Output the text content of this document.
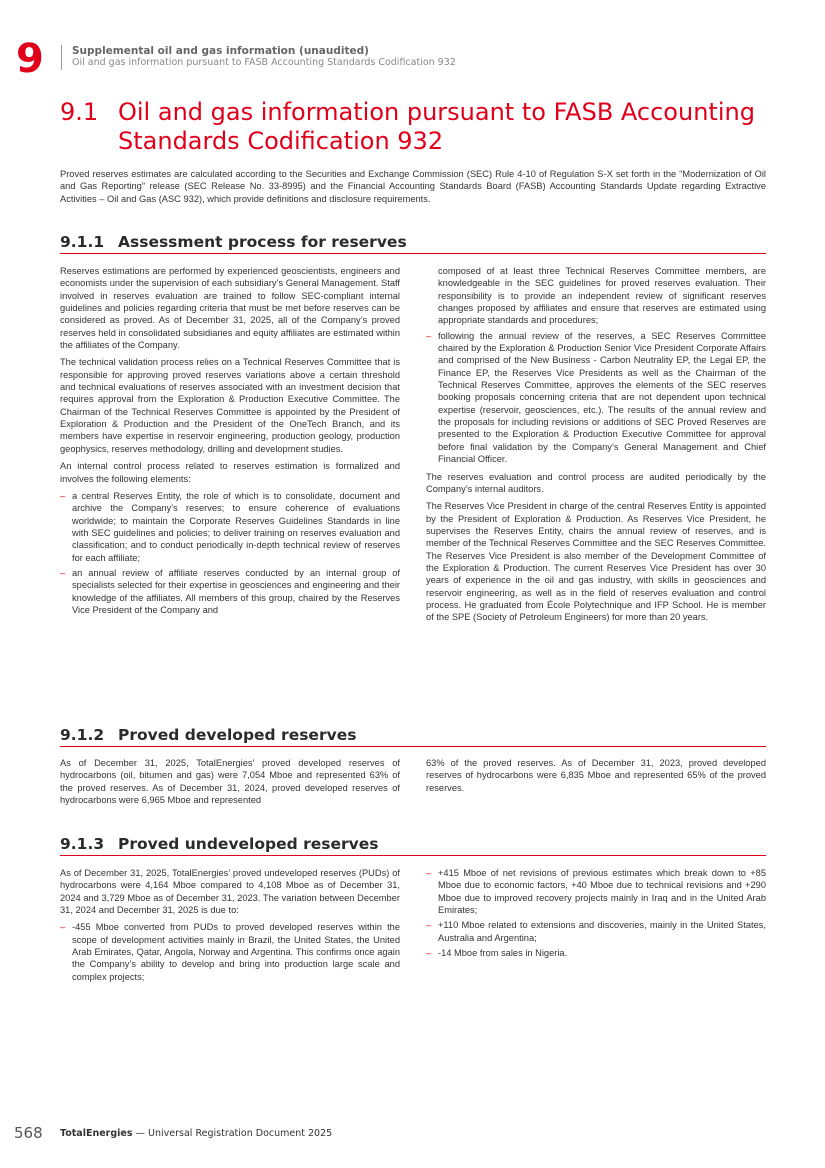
9	Supplemental oil and gas information (unaudited)
Oil and gas information pursuant to FASB Accounting Standards Codification 932
9.1 Oil and gas information pursuant to FASB Accounting Standards Codification 932

Proved reserves estimates are calculated according to the Securities and Exchange Commission (SEC) Rule 4-10 of Regulation S-X set forth in the “Modernization of Oil and Gas Reporting” release (SEC Release No. 33-8995) and the Financial Accounting Standards Board (FASB) Accounting Standards Update regarding Extractive Activities – Oil and Gas (ASC 932), which provide definitions and disclosure requirements.

9.1.1 Assessment process for reserves

Reserves estimations are performed by experienced geoscientists, engineers and economists under the supervision of each subsidiary’s General Management. Staff involved in reserves evaluation are trained to follow SEC-compliant internal guidelines and policies regarding criteria that must be met before reserves can be considered as proved. As of December 31, 2025, all of the Company’s proved reserves held in consolidated subsidiaries and equity affiliates are estimated within the affiliates of the Company.

The technical validation process relies on a Technical Reserves Committee that is responsible for approving proved reserves variations above a certain threshold and technical evaluations of reserves associated with an investment decision that requires approval from the Exploration & Production Executive Committee. The Chairman of the Technical Reserves Committee is appointed by the President of Exploration & Production and the President of the OneTech Branch, and its members have expertise in reservoir engineering, production geology, production geophysics, reserves methodology, drilling and development studies.

An internal control process related to reserves estimation is formalized and involves the following elements:

– a central Reserves Entity, the role of which is to consolidate, document and archive the Company’s reserves; to ensure coherence of evaluations worldwide; to maintain the Corporate Reserves Guidelines Standards in line with SEC guidelines and policies; to deliver training on reserves evaluation and classification; and to conduct periodically in-depth technical review of reserves for each affiliate;
– an annual review of affiliate reserves conducted by an internal group of specialists selected for their expertise in geosciences and engineering and their knowledge of the affiliates. All members of this group, chaired by the Reserves Vice President of the Company and
composed of at least three Technical Reserves Committee members, are knowledgeable in the SEC guidelines for proved reserves evaluation. Their responsibility is to provide an independent review of significant reserves changes proposed by affiliates and ensure that reserves are estimated using appropriate standards and procedures;
– following the annual review of the reserves, a SEC Reserves Committee chaired by the Exploration & Production Senior Vice President Corporate Affairs and comprised of the New Business - Carbon Neutrality EP, the Legal EP, the Finance EP, the Reserves Vice Presidents as well as the Chairman of the Technical Reserves Committee, approves the elements of the SEC reserves booking proposals concerning criteria that are not dependent upon technical expertise (reservoir, geosciences, etc.). The results of the annual review and the proposals for including revisions or additions of SEC Proved Reserves are presented to the Exploration & Production Executive Committee for approval before final validation by the Company’s General Management and Chief Financial Officer.

The reserves evaluation and control process are audited periodically by the Company’s internal auditors.

The Reserves Vice President in charge of the central Reserves Entity is appointed by the President of Exploration & Production. As Reserves Vice President, he supervises the Reserves Entity, chairs the annual review of reserves, and is member of the Technical Reserves Committee and the SEC Reserves Committee. The Reserves Vice President is also member of the Development Committee of the Exploration & Production. The current Reserves Vice President has over 30 years of experience in the oil and gas industry, with skills in geosciences and reservoir engineering, as well as in the field of reserves evaluation and control process. He graduated from École Polytechnique and IFP School. He is member of the SPE (Society of Petroleum Engineers) for more than 20 years.

9.1.2 Proved developed reserves

As of December 31, 2025, TotalEnergies’ proved developed reserves of hydrocarbons (oil, bitumen and gas) were 7,054 Mboe and represented 63% of the proved reserves. As of December 31, 2024, proved developed reserves of hydrocarbons were 6,965 Mboe and represented

63% of the proved reserves. As of December 31, 2023, proved developed reserves of hydrocarbons were 6,835 Mboe and represented 65% of the proved reserves.

9.1.3 Proved undeveloped reserves

As of December 31, 2025, TotalEnergies’ proved undeveloped reserves (PUDs) of hydrocarbons were 4,164 Mboe compared to 4,108 Mboe as of December 31, 2024 and 3,729 Mboe as of December 31, 2023. The variation between December 31, 2024 and December 31, 2025 is due to:

– -455 Mboe converted from PUDs to proved developed reserves within the scope of development activities mainly in Brazil, the United States, the United Arab Emirates, Qatar, Angola, Norway and Argentina. This confirms once again the Company’s ability to develop and bring into production large scale and complex projects;
– +415 Mboe of net revisions of previous estimates which break down to +85 Mboe due to economic factors, +40 Mboe due to technical revisions and +290 Mboe due to improved recovery projects mainly in Iraq and in the United Arab Emirates;
– +110 Mboe related to extensions and discoveries, mainly in the United States, Australia and Argentina;
– -14 Mboe from sales in Nigeria.
568 TotalEnergies — Universal Registration Document 2025
